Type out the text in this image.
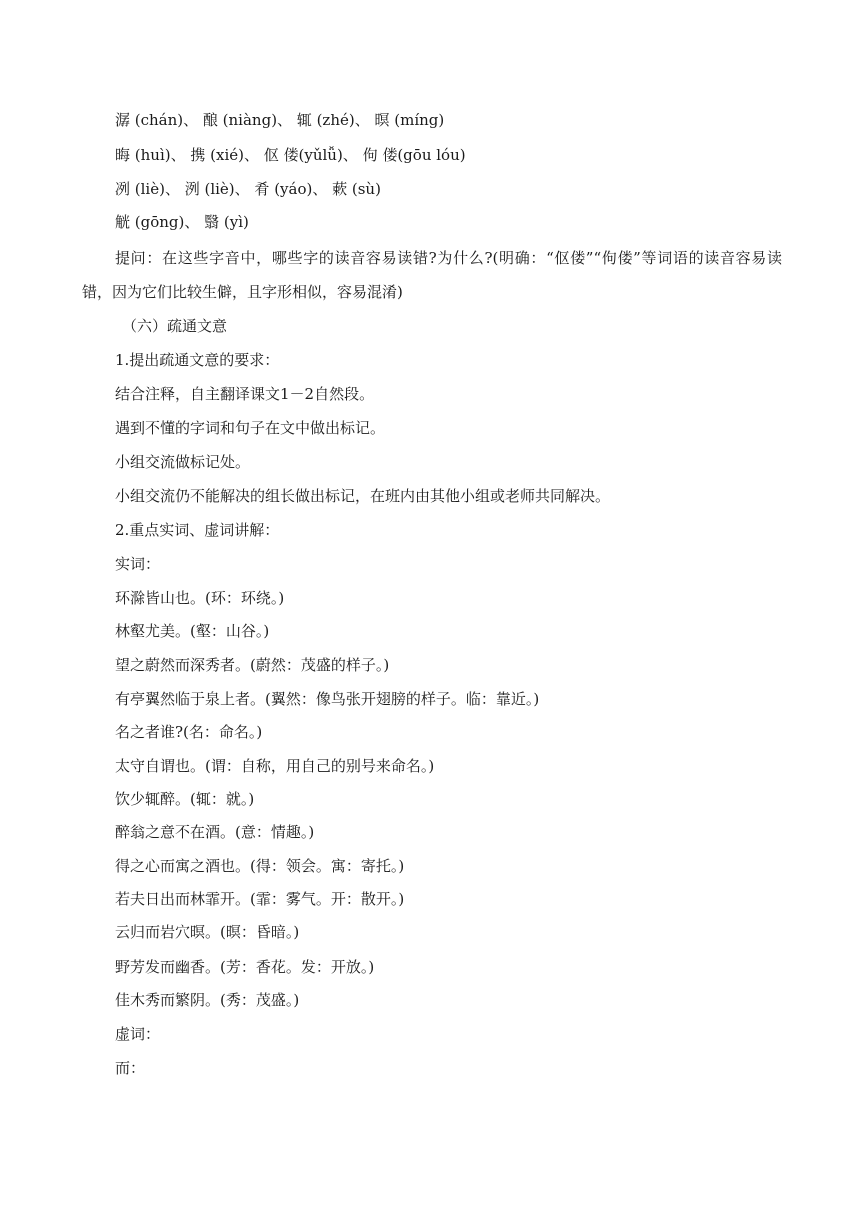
潺 (chán)、 酿 (niàng)、 辄 (zhé)、 暝 (míng)
晦 (huì)、 携 (xié)、 伛 偻(yǔlǚ)、 佝 偻(gōu lóu)
冽 (liè)、 洌 (liè)、 肴 (yáo)、 蔌 (sù)
觥 (gōng)、 翳 (yì)
提问：在这些字音中，哪些字的读音容易读错?为什么?(明确：“伛偻”“佝偻”等词语的读音容易读错，因为它们比较生僻，且字形相似，容易混淆)
（六）疏通文意
1.提出疏通文意的要求：
结合注释，自主翻译课文1－2自然段。
遇到不懂的字词和句子在文中做出标记。
小组交流做标记处。
小组交流仍不能解决的组长做出标记，在班内由其他小组或老师共同解决。
2.重点实词、虚词讲解：
实词：
环滁皆山也。(环：环绕。)
林壑尤美。(壑：山谷。)
望之蔚然而深秀者。(蔚然：茂盛的样子。)
有亭翼然临于泉上者。(翼然：像鸟张开翅膀的样子。临：靠近。)
名之者谁?(名：命名。)
太守自谓也。(谓：自称，用自己的别号来命名。)
饮少辄醉。(辄：就。)
醉翁之意不在酒。(意：情趣。)
得之心而寓之酒也。(得：领会。寓：寄托。)
若夫日出而林霏开。(霏：雾气。开：散开。)
云归而岩穴暝。(暝：昏暗。)
野芳发而幽香。(芳：香花。发：开放。)
佳木秀而繁阴。(秀：茂盛。)
虚词：
而：
